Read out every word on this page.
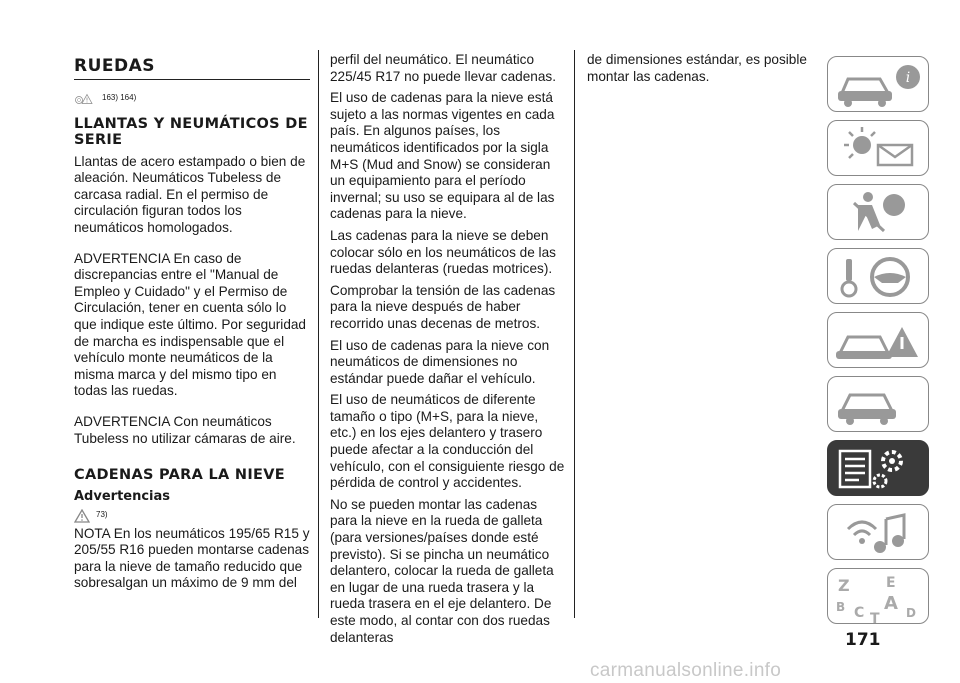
RUEDAS
163) 164)
LLANTAS Y NEUMÁTICOS DE SERIE

Llantas de acero estampado o bien de aleación. Neumáticos Tubeless de carcasa radial. En el permiso de circulación figuran todos los neumáticos homologados.

ADVERTENCIA En caso de discrepancias entre el "Manual de Empleo y Cuidado" y el Permiso de Circulación, tener en cuenta sólo lo que indique este último. Por seguridad de marcha es indispensable que el vehículo monte neumáticos de la misma marca y del mismo tipo en todas las ruedas.

ADVERTENCIA Con neumáticos Tubeless no utilizar cámaras de aire.

CADENAS PARA LA NIEVE
Advertencias
73)

NOTA En los neumáticos 195/65 R15 y 205/55 R16 pueden montarse cadenas para la nieve de tamaño reducido que sobresalgan un máximo de 9 mm del

perfil del neumático. El neumático 225/45 R17 no puede llevar cadenas.

El uso de cadenas para la nieve está sujeto a las normas vigentes en cada país. En algunos países, los neumáticos identificados por la sigla M+S (Mud and Snow) se consideran un equipamiento para el período invernal; su uso se equipara al de las cadenas para la nieve.

Las cadenas para la nieve se deben colocar sólo en los neumáticos de las ruedas delanteras (ruedas motrices).

Comprobar la tensión de las cadenas para la nieve después de haber recorrido unas decenas de metros.

El uso de cadenas para la nieve con neumáticos de dimensiones no estándar puede dañar el vehículo.

El uso de neumáticos de diferente tamaño o tipo (M+S, para la nieve, etc.) en los ejes delantero y trasero puede afectar a la conducción del vehículo, con el consiguiente riesgo de pérdida de control y accidentes.

No se pueden montar las cadenas para la nieve en la rueda de galleta (para versiones/países donde esté previsto). Si se pincha un neumático delantero, colocar la rueda de galleta en lugar de una rueda trasera y la rueda trasera en el eje delantero. De este modo, al contar con dos ruedas delanteras

de dimensiones estándar, es posible montar las cadenas.	i
Z	E
B A
C	D
T
171
carmanualsonline.info
